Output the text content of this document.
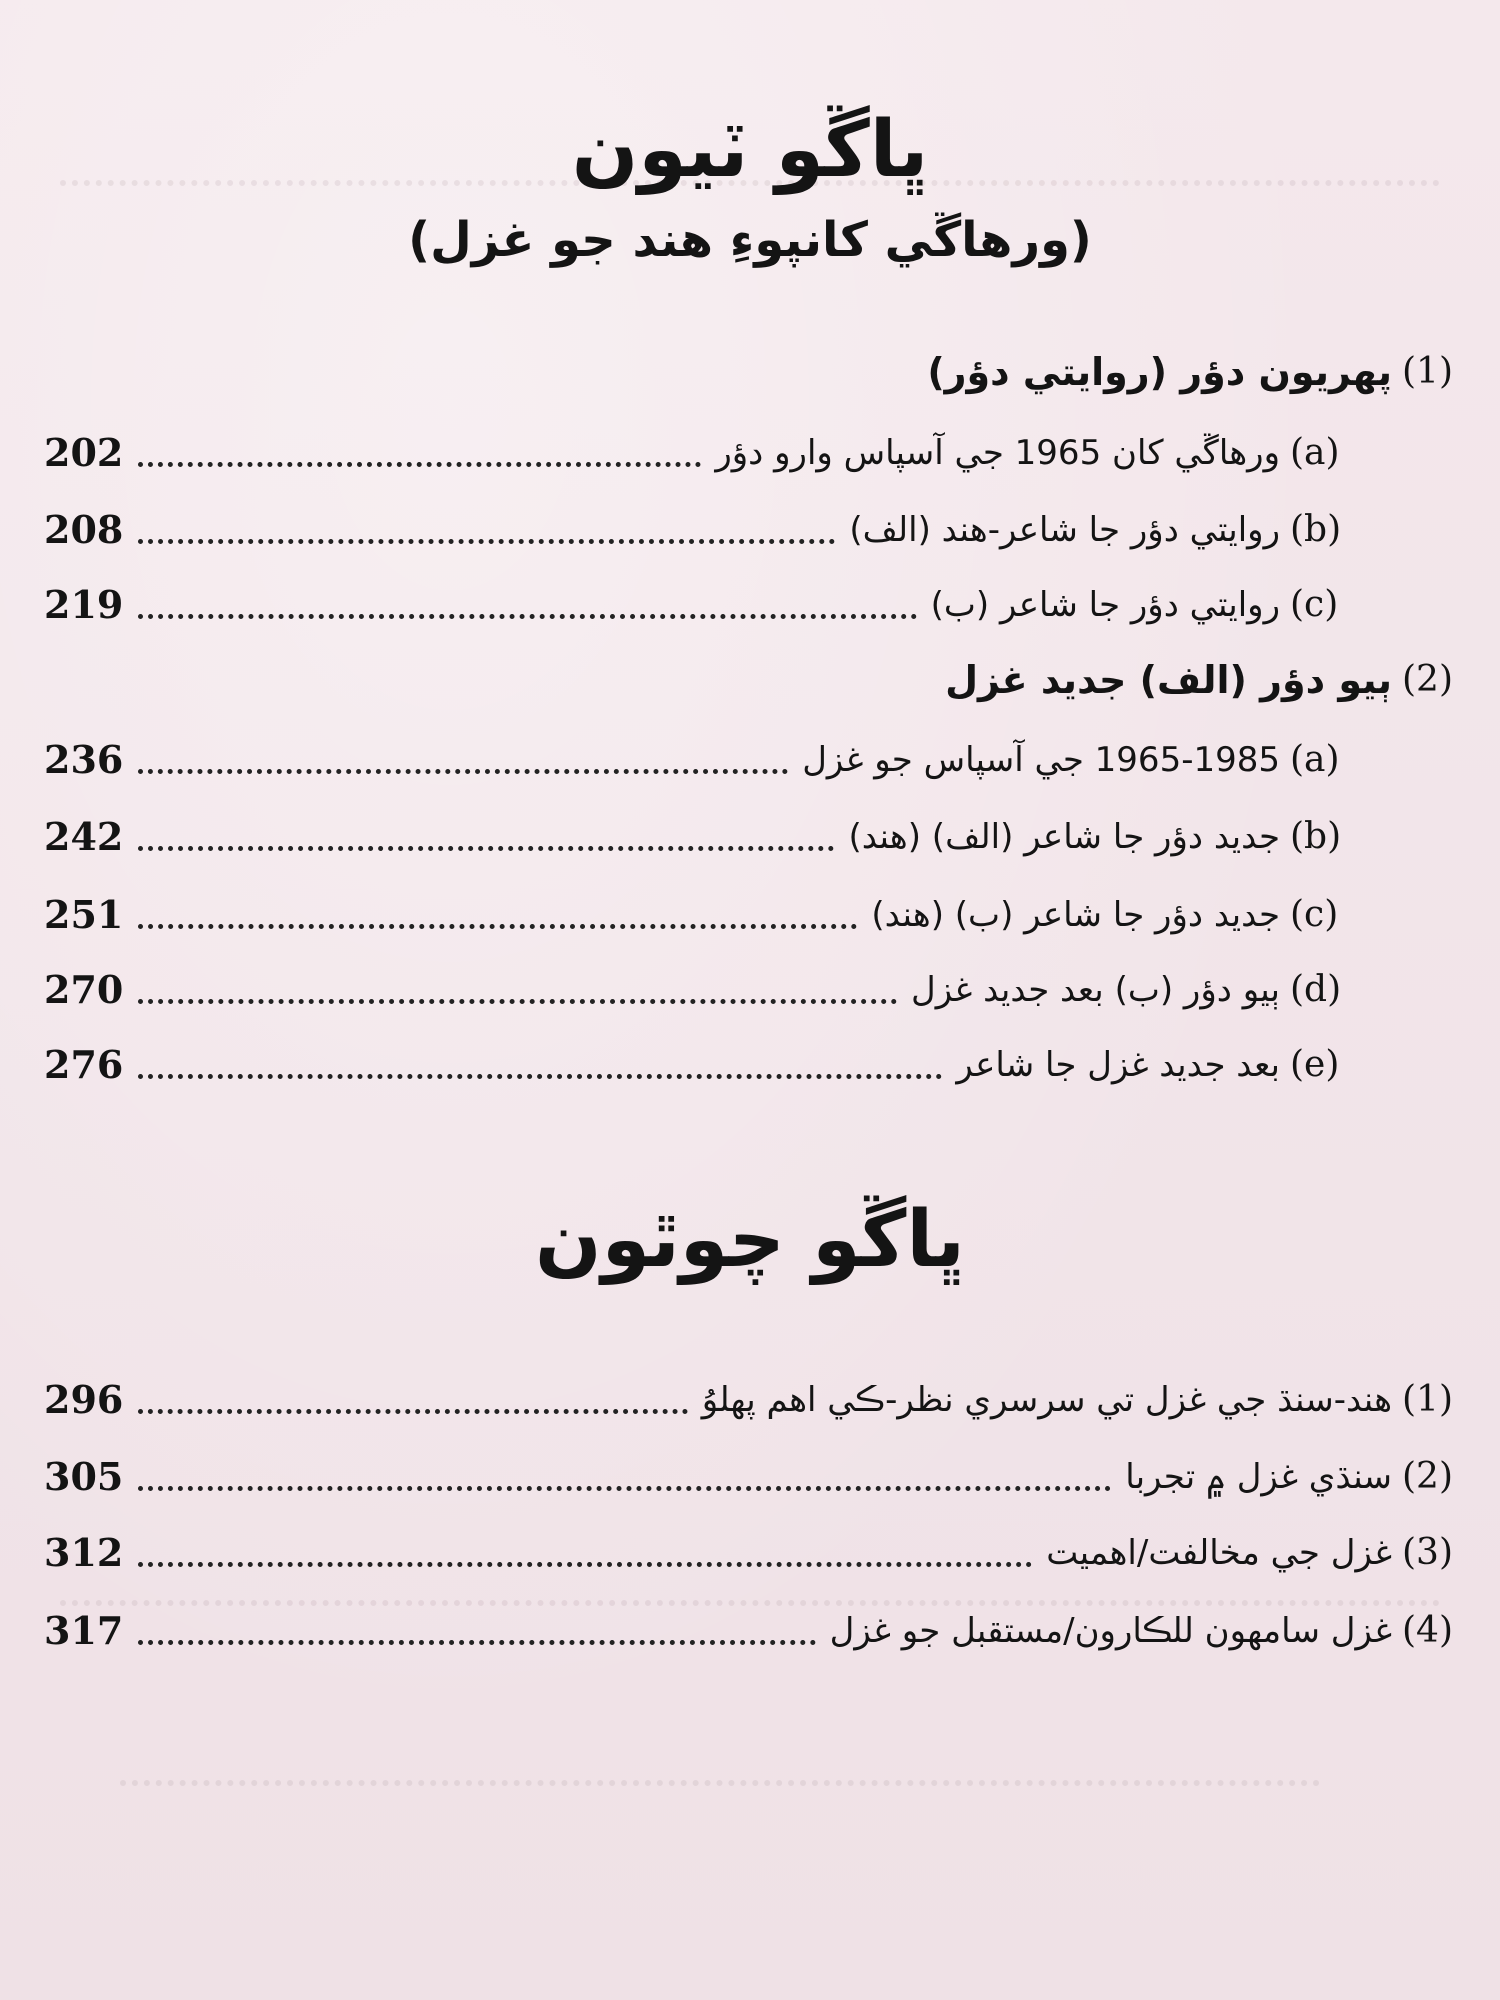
ڀاڱو ٽيون
(ورهاڱي کانپوءِ هند جو غزل)
(1)
پهريون دؤر (روايتي دؤر)
202	ورهاڱي کان 1965 جي آسپاس وارو دؤر (a)
208	روايتي دؤر جا شاعر-هند (الف) (b)
219	روايتي دؤر جا شاعر (ب) (c)
(2)
ٻيو دؤر (الف) جديد غزل
236	1965-1985 جي آسپاس جو غزل (a)
242	جديد دؤر جا شاعر (الف) (هند) (b)
251	جديد دؤر جا شاعر (ب) (هند) (c)
270	ٻيو دؤر (ب) بعد جديد غزل (d)
276	بعد جديد غزل جا شاعر (e)
ڀاڱو چوٿون
296	هند-سنڌ جي غزل تي سرسري نظر-ڪي اهم پهلوُ (1)
305	سنڌي غزل ۾ تجربا (2)
312	غزل جي مخالفت/اهميت (3)
317	غزل سامهون للڪارون/مستقبل جو غزل (4)
